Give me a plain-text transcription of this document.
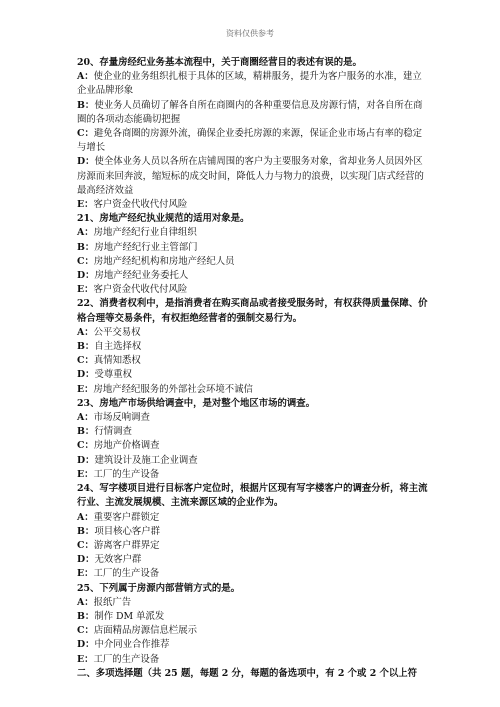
资料仅供参考
20、存量房经纪业务基本流程中，关于商圈经营目的表述有误的是。
A：使企业的业务组织扎根于具体的区域，精耕服务，提升为客户服务的水准，建立企业品牌形象
B：使业务人员确切了解各自所在商圈内的各种重要信息及房源行情，对各自所在商圈的各项动态能确切把握
C：避免各商圈的房源外流，确保企业委托房源的来源，保证企业市场占有率的稳定与增长
D：使全体业务人员以各所在店铺周围的客户为主要服务对象，省却业务人员因外区房源而来回奔波，缩短标的成交时间，降低人力与物力的浪费，以实现门店式经营的最高经济效益
E：客户资金代收代付风险
21、房地产经纪执业规范的适用对象是。
A：房地产经纪行业自律组织
B：房地产经纪行业主管部门
C：房地产经纪机构和房地产经纪人员
D：房地产经纪业务委托人
E：客户资金代收代付风险
22、消费者权利中，是指消费者在购买商品或者接受服务时，有权获得质量保障、价格合理等交易条件，有权拒绝经营者的强制交易行为。
A：公平交易权
B：自主选择权
C：真情知悉权
D：受尊重权
E：房地产经纪服务的外部社会环境不诚信
23、房地产市场供给调查中，是对整个地区市场的调查。
A：市场反响调查
B：行情调查
C：房地产价格调查
D：建筑设计及施工企业调查
E：工厂的生产设备
24、写字楼项目进行目标客户定位时，根据片区现有写字楼客户的调查分析，将主流行业、主流发展规模、主流来源区域的企业作为。
A：重要客户群锁定
B：项目核心客户群
C：游离客户群界定
D：无效客户群
E：工厂的生产设备
25、下列属于房源内部营销方式的是。
A：报纸广告
B：制作 DM 单派发
C：店面精品房源信息栏展示
D：中介同业合作推荐
E：工厂的生产设备
二、多项选择题（共 25 题，每题 2 分，每题的备选项中，有 2 个或 2 个以上符
